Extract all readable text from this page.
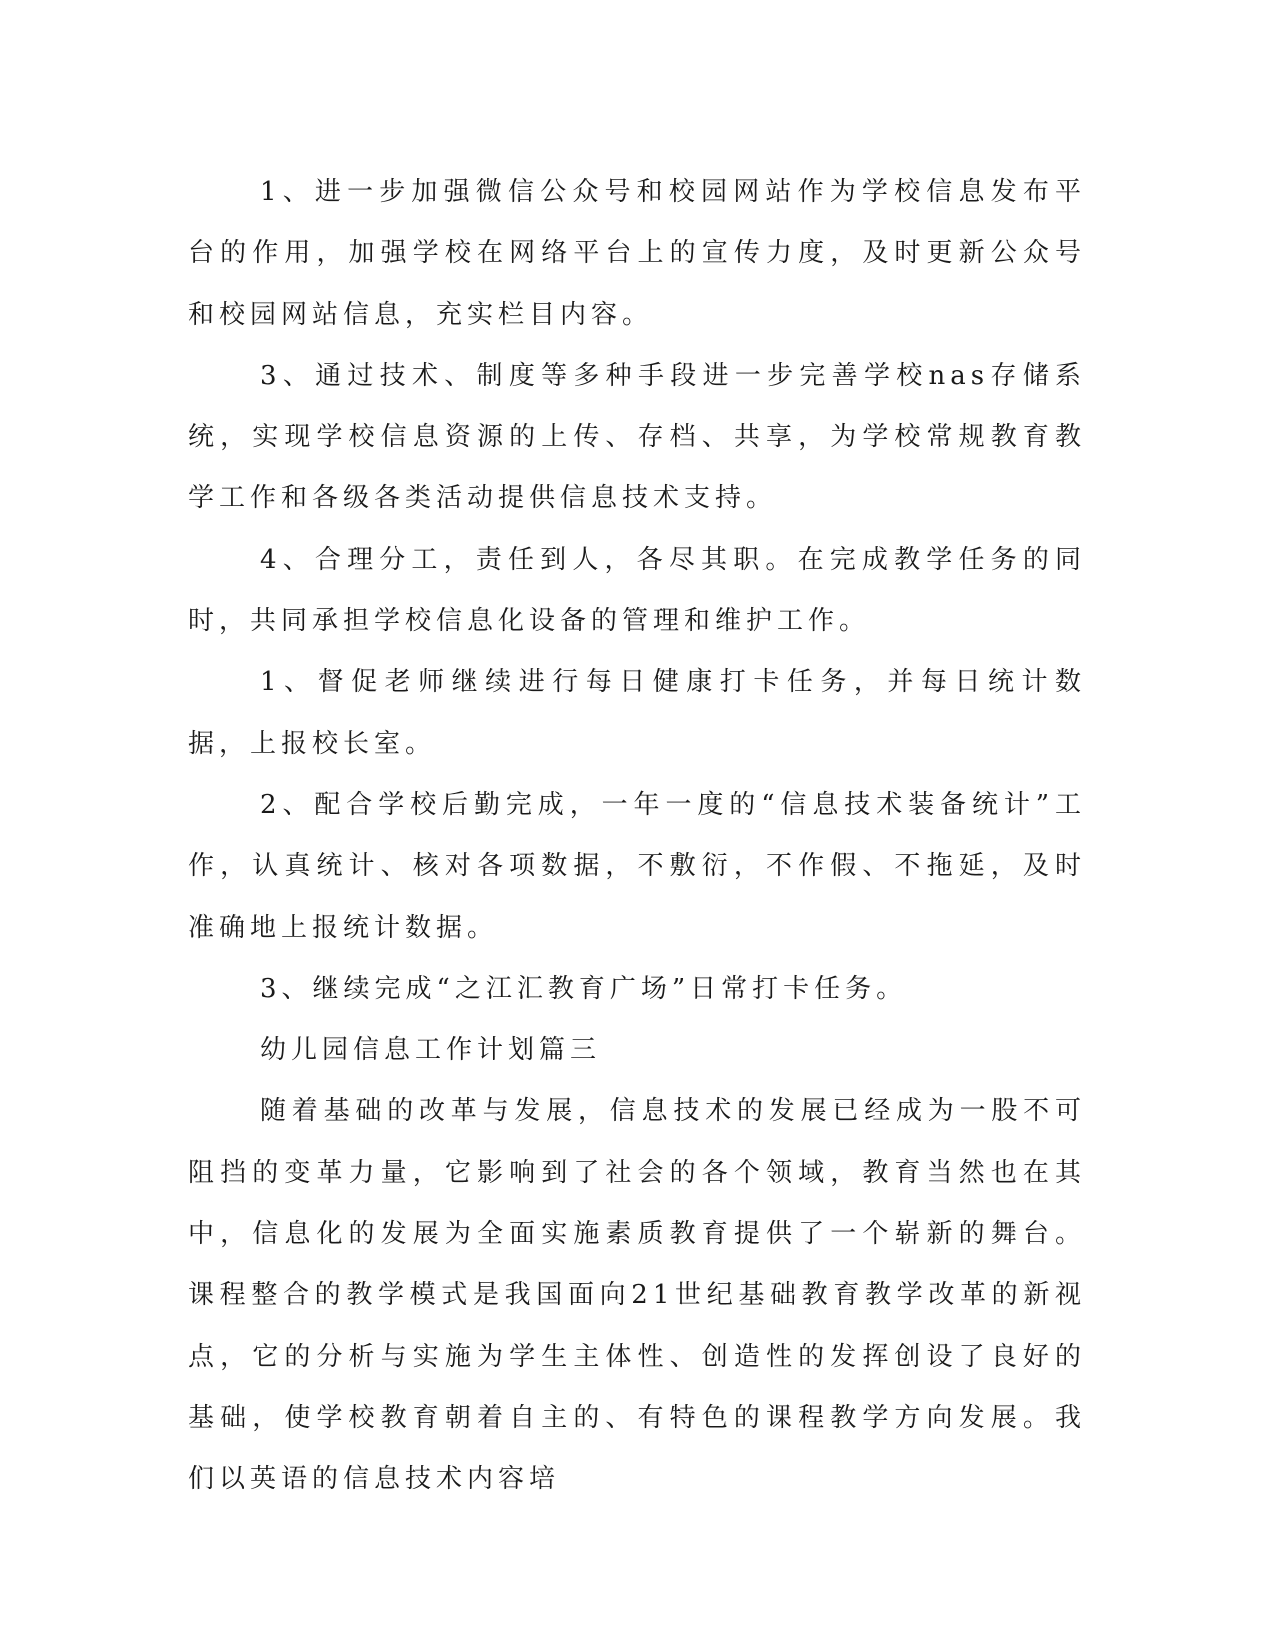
1、进一步加强微信公众号和校园网站作为学校信息发布平台的作用，加强学校在网络平台上的宣传力度，及时更新公众号和校园网站信息，充实栏目内容。

3、通过技术、制度等多种手段进一步完善学校nas存储系统，实现学校信息资源的上传、存档、共享，为学校常规教育教学工作和各级各类活动提供信息技术支持。

4、合理分工，责任到人，各尽其职。在完成教学任务的同时，共同承担学校信息化设备的管理和维护工作。

1、督促老师继续进行每日健康打卡任务，并每日统计数据，上报校长室。

2、配合学校后勤完成，一年一度的“信息技术装备统计”工作，认真统计、核对各项数据，不敷衍，不作假、不拖延，及时准确地上报统计数据。

3、继续完成“之江汇教育广场”日常打卡任务。

幼儿园信息工作计划篇三

随着基础的改革与发展，信息技术的发展已经成为一股不可阻挡的变革力量，它影响到了社会的各个领域，教育当然也在其中，信息化的发展为全面实施素质教育提供了一个崭新的舞台。课程整合的教学模式是我国面向21世纪基础教育教学改革的新视点，它的分析与实施为学生主体性、创造性的发挥创设了良好的基础，使学校教育朝着自主的、有特色的课程教学方向发展。我们以英语的信息技术内容培
